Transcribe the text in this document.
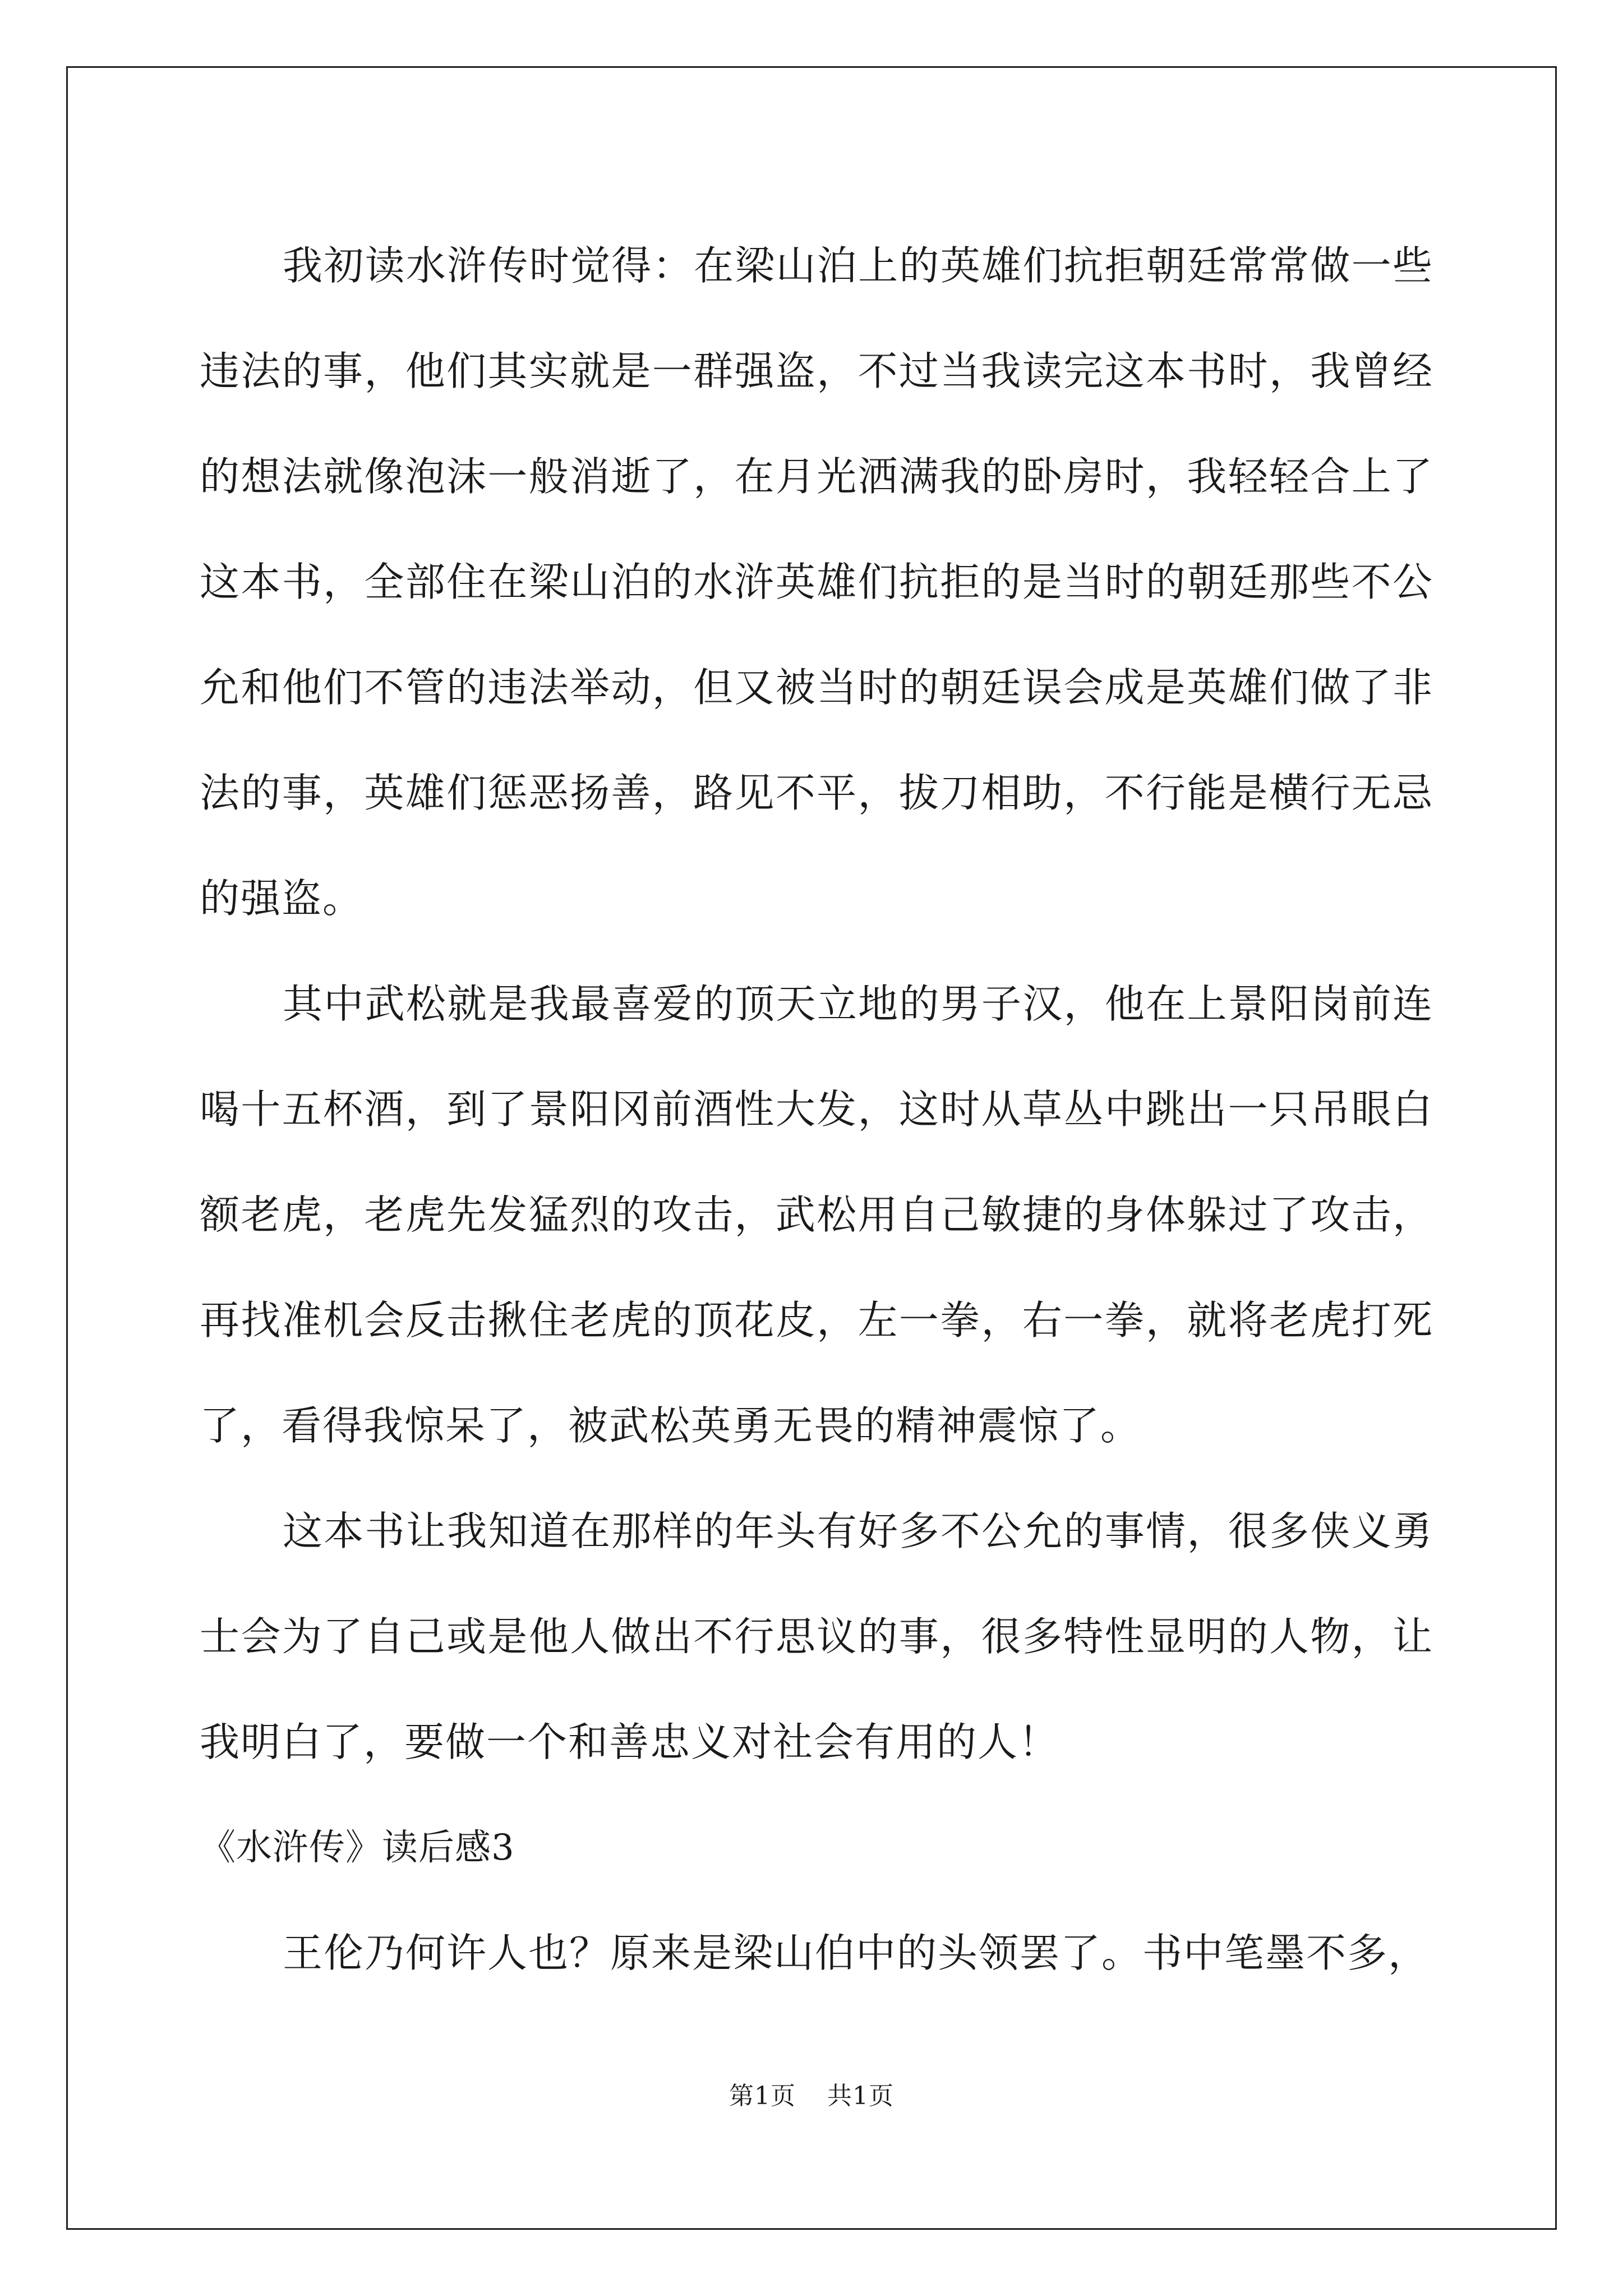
我初读水浒传时觉得：在梁山泊上的英雄们抗拒朝廷常常做一些违法的事，他们其实就是一群强盗，不过当我读完这本书时，我曾经的想法就像泡沫一般消逝了，在月光洒满我的卧房时，我轻轻合上了这本书，全部住在梁山泊的水浒英雄们抗拒的是当时的朝廷那些不公允和他们不管的违法举动，但又被当时的朝廷误会成是英雄们做了非法的事，英雄们惩恶扬善，路见不平，拔刀相助，不行能是横行无忌的强盗。

其中武松就是我最喜爱的顶天立地的男子汉，他在上景阳岗前连喝十五杯酒，到了景阳冈前酒性大发，这时从草丛中跳出一只吊眼白额老虎，老虎先发猛烈的攻击，武松用自己敏捷的身体躲过了攻击，再找准机会反击揪住老虎的顶花皮，左一拳，右一拳，就将老虎打死了，看得我惊呆了，被武松英勇无畏的精神震惊了。

这本书让我知道在那样的年头有好多不公允的事情，很多侠义勇士会为了自己或是他人做出不行思议的事，很多特性显明的人物，让我明白了，要做一个和善忠义对社会有用的人！

《水浒传》读后感3

王伦乃何许人也？原来是梁山伯中的头领罢了。书中笔墨不多，

第1页 共1页
